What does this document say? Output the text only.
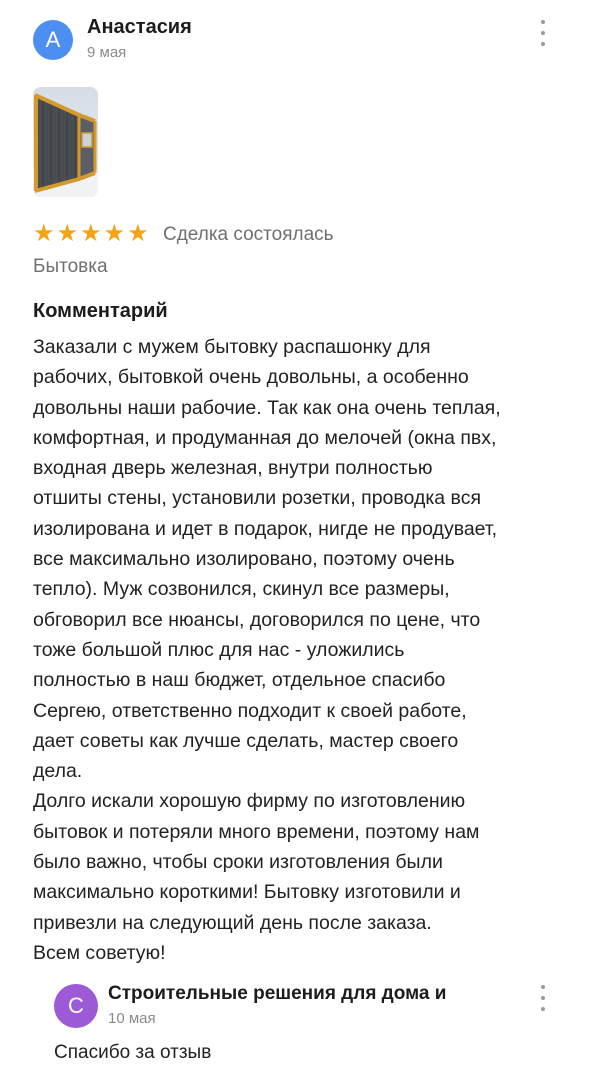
А Анастасия
9 мая
★ ★ ★ ★ ★ Сделка состоялась
Бытовка
Комментарий
Заказали с мужем бытовку распашонку для
рабочих, бытовкой очень довольны, а особенно
довольны наши рабочие. Так как она очень теплая,
комфортная, и продуманная до мелочей (окна пвх,
входная дверь железная, внутри полностью
отшиты стены, установили розетки, проводка вся
изолирована и идет в подарок, нигде не продувает,
все максимально изолировано, поэтому очень
тепло). Муж созвонился, скинул все размеры,
обговорил все нюансы, договорился по цене, что
тоже большой плюс для нас - уложились
полностью в наш бюджет, отдельное спасибо
Сергею, ответственно подходит к своей работе,
дает советы как лучше сделать, мастер своего
дела.
Долго искали хорошую фирму по изготовлению
бытовок и потеряли много времени, поэтому нам
было важно, чтобы сроки изготовления были
максимально короткими! Бытовку изготовили и
привезли на следующий день после заказа.
Всем советую!
С Строительные решения для дома и
10 мая
Спасибо за отзыв
